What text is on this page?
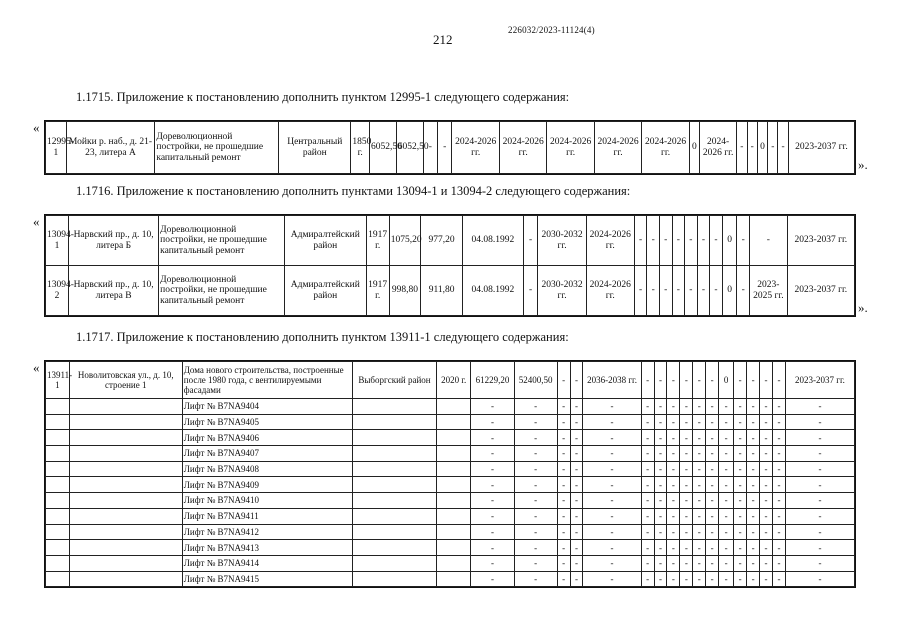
226032/2023-11124(4)
212
1.1715. Приложение к постановлению дополнить пунктом 12995-1 следующего содержания:
«
12995-1	Мойки р. наб., д. 21-23, литера А	Дореволюционной постройки, не прошедшие капитальный ремонт	Центральный район	1850 г.	6052,50	6052,50	-	-	2024-2026 гг.	2024-2026 гг.	2024-2026 гг.	2024-2026 гг.	2024-2026 гг.	0	2024-2026 гг.	-	-	0	-	-	2023-2037 гг.
».
1.1716. Приложение к постановлению дополнить пунктами 13094-1 и 13094-2 следующего содержания:
«
13094-1	Нарвский пр., д. 10, литера Б	Дореволюционной постройки, не прошедшие капитальный ремонт	Адмиралтейский район	1917 г.	1075,20	977,20	04.08.1992	-	2030-2032 гг.	2024-2026 гг.	-	-	-	-	-	-	-	0	-	-	2023-2037 гг.
13094-2	Нарвский пр., д. 10, литера В	Дореволюционной постройки, не прошедшие капитальный ремонт	Адмиралтейский район	1917 г.	998,80	911,80	04.08.1992	-	2030-2032 гг.	2024-2026 гг.	-	-	-	-	-	-	-	0	-	2023-2025 гг.	2023-2037 гг.
».
1.1717. Приложение к постановлению дополнить пунктом 13911-1 следующего содержания:
« 13911-1	Новолитовская ул., д. 10, строение 1	Дома нового строительства, построенные после 1980 года, с вентилируемыми фасадами	Выборгский район	2020 г.	61229,20	52400,50	-	-	2036-2038 гг.	-	-	-	-	-	-	0	-	-	-	-	2023-2037 гг.
		Лифт № В7NA9404			-	-	-	-	-	-	-	-	-	-	-	-	-	-	-	-	-
		Лифт № В7NA9405			-	-	-	-	-	-	-	-	-	-	-	-	-	-	-	-	-
		Лифт № В7NA9406			-	-	-	-	-	-	-	-	-	-	-	-	-	-	-	-	-
		Лифт № В7NA9407			-	-	-	-	-	-	-	-	-	-	-	-	-	-	-	-	-
		Лифт № В7NA9408			-	-	-	-	-	-	-	-	-	-	-	-	-	-	-	-	-
		Лифт № В7NA9409			-	-	-	-	-	-	-	-	-	-	-	-	-	-	-	-	-
		Лифт № В7NA9410			-	-	-	-	-	-	-	-	-	-	-	-	-	-	-	-	-
		Лифт № В7NA9411			-	-	-	-	-	-	-	-	-	-	-	-	-	-	-	-	-
		Лифт № В7NA9412			-	-	-	-	-	-	-	-	-	-	-	-	-	-	-	-	-
		Лифт № В7NA9413			-	-	-	-	-	-	-	-	-	-	-	-	-	-	-	-	-
		Лифт № В7NA9414			-	-	-	-	-	-	-	-	-	-	-	-	-	-	-	-	-
		Лифт № В7NA9415			-	-	-	-	-	-	-	-	-	-	-	-	-	-	-	-	-
